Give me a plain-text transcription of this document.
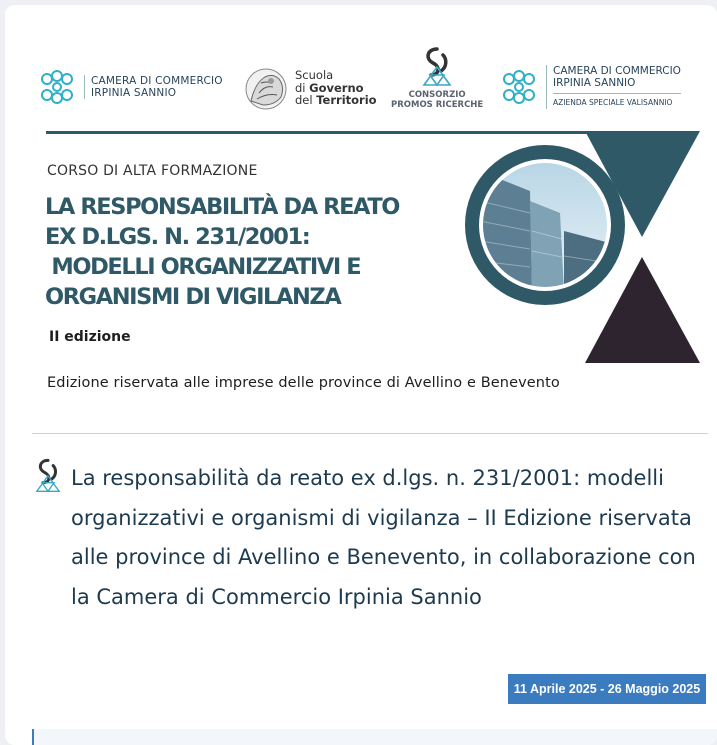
CAMERA DI COMMERCIO
IRPINIA SANNIO
Scuola
di Governo
del Territorio	CONSORZIO
PROMOS RICERCHE
CAMERA DI COMMERCIO
IRPINIA SANNIO
AZIENDA SPECIALE VALISANNIO
CORSO DI ALTA FORMAZIONE
LA RESPONSABILITÀ DA REATO
EX D.LGS. N. 231/2001:
MODELLI ORGANIZZATIVI E
ORGANISMI DI VIGILANZA
II edizione
Edizione riservata alle imprese delle province di Avellino e Benevento
La responsabilità da reato ex d.lgs. n. 231/2001: modelli organizzativi e organismi di vigilanza – II Edizione riservata alle province di Avellino e Benevento, in collaborazione con la Camera di Commercio Irpinia Sannio
11 Aprile 2025 - 26 Maggio 2025
